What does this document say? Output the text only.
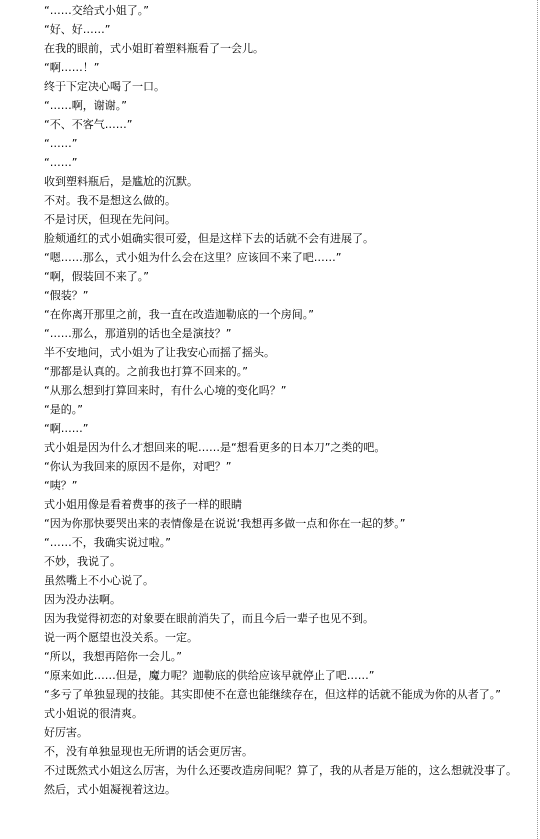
“……交给式小姐了。”
“好、好……”
在我的眼前，式小姐盯着塑料瓶看了一会儿。
“啊……！”
终于下定决心喝了一口。
“……啊，谢谢。”
“不、不客气……”
“……”
“……”
收到塑料瓶后，是尴尬的沉默。
不对。我不是想这么做的。
不是讨厌，但现在先问问。
脸颊通红的式小姐确实很可爱，但是这样下去的话就不会有进展了。
“嗯……那么，式小姐为什么会在这里？应该回不来了吧……”
“啊，假装回不来了。”
“假装？”
“在你离开那里之前，我一直在改造迦勒底的一个房间。”
“……那么，那道别的话也全是演技？”
半不安地问，式小姐为了让我安心而摇了摇头。
“那都是认真的。之前我也打算不回来的。”
“从那么想到打算回来时，有什么心境的变化吗？”
“是的。”
“啊……”
式小姐是因为什么才想回来的呢……是“想看更多的日本刀”之类的吧。
“你认为我回来的原因不是你，对吧？”
“咦？”
式小姐用像是看着费事的孩子一样的眼睛
“因为你那快要哭出来的表情像是在说说‘我想再多做一点和你在一起的梦。”
“……不，我确实说过啦。”
不妙，我说了。
虽然嘴上不小心说了。
因为没办法啊。
因为我觉得初恋的对象要在眼前消失了，而且今后一辈子也见不到。
说一两个愿望也没关系。一定。
“所以，我想再陪你一会儿。”
“原来如此……但是，魔力呢？迦勒底的供给应该早就停止了吧……”
“多亏了单独显现的技能。其实即使不在意也能继续存在，但这样的话就不能成为你的从者了。”
式小姐说的很清爽。
好厉害。
不，没有单独显现也无所谓的话会更厉害。
不过既然式小姐这么厉害，为什么还要改造房间呢？算了，我的从者是万能的，这么想就没事了。
然后，式小姐凝视着这边。
